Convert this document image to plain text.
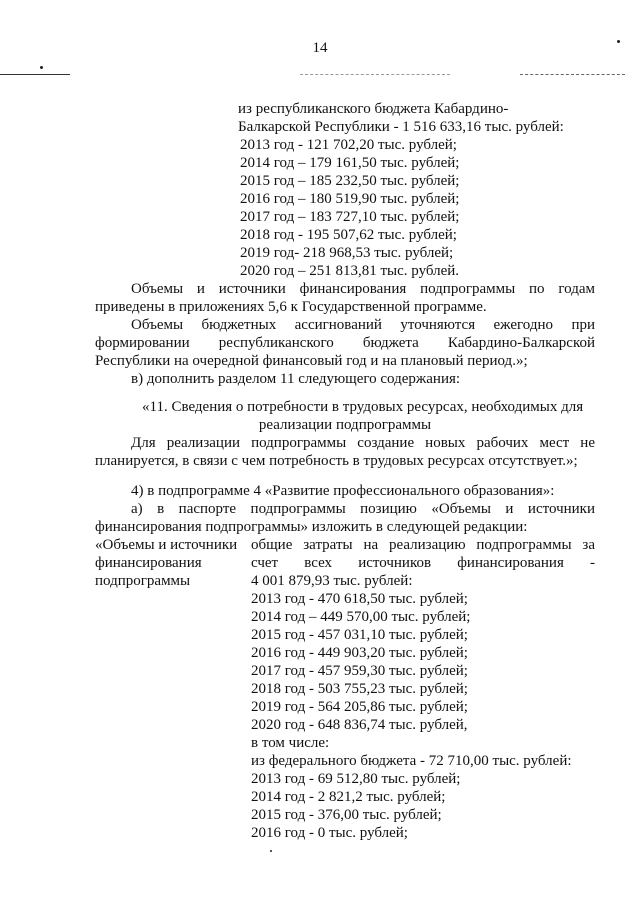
14
из республиканского бюджета Кабардино-
Балкарской Республики - 1 516 633,16 тыс. рублей:
2013 год - 121 702,20 тыс. рублей;
2014 год – 179 161,50 тыс. рублей;
2015 год – 185 232,50 тыс. рублей;
2016 год – 180 519,90 тыс. рублей;
2017 год – 183 727,10 тыс. рублей;
2018 год - 195 507,62 тыс. рублей;
2019 год- 218 968,53 тыс. рублей;
2020 год – 251 813,81 тыс. рублей.
Объемы и источники финансирования подпрограммы по годам
приведены в приложениях 5,6 к Государственной программе.
Объемы бюджетных ассигнований уточняются ежегодно при
формировании республиканского бюджета Кабардино-Балкарской
Республики на очередной финансовый год и на плановый период.»;
в) дополнить разделом 11 следующего содержания:
«11. Сведения о потребности в трудовых ресурсах, необходимых для
реализации подпрограммы
Для реализации подпрограммы создание новых рабочих мест не
планируется, в связи с чем потребность в трудовых ресурсах отсутствует.»;
4) в подпрограмме 4 «Развитие профессионального образования»:
а) в паспорте подпрограммы позицию «Объемы и источники
финансирования подпрограммы» изложить в следующей редакции:
«Объемы и источники
финансирования
подпрограммы
общие затраты на реализацию подпрограммы за
счет всех источников финансирования -
4 001 879,93 тыс. рублей:
2013 год - 470 618,50 тыс. рублей;
2014 год – 449 570,00 тыс. рублей;
2015 год - 457 031,10 тыс. рублей;
2016 год - 449 903,20 тыс. рублей;
2017 год - 457 959,30 тыс. рублей;
2018 год - 503 755,23 тыс. рублей;
2019 год - 564 205,86 тыс. рублей;
2020 год - 648 836,74 тыс. рублей,
в том числе:
из федерального бюджета - 72 710,00 тыс. рублей:
2013 год - 69 512,80 тыс. рублей;
2014 год - 2 821,2 тыс. рублей;
2015 год - 376,00 тыс. рублей;
2016 год - 0 тыс. рублей;
